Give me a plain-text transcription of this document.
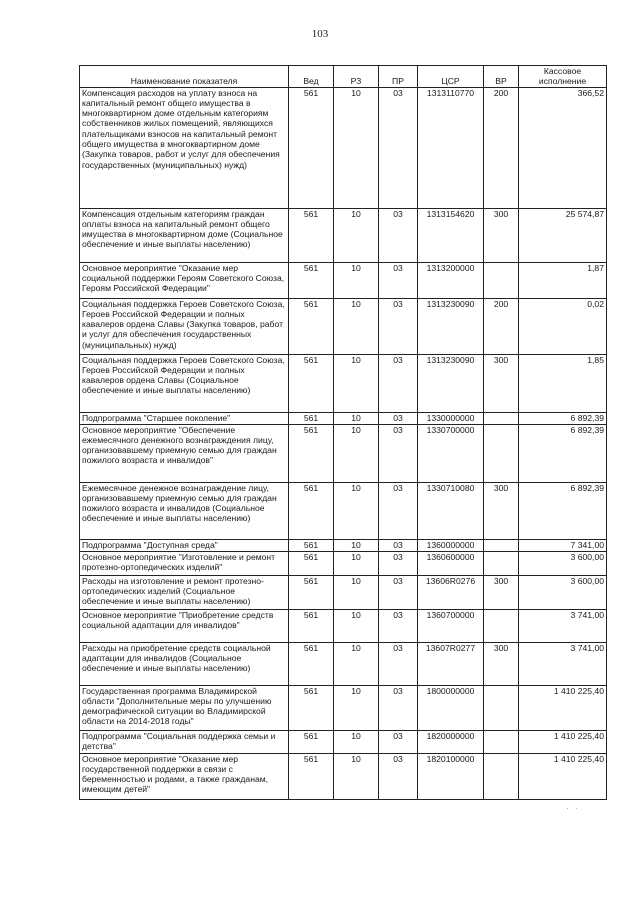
103
Наименование показателя	Вед	РЗ	ПР	ЦСР	ВР	Кассовое исполнение
Компенсация расходов на уплату взноса на капитальный ремонт общего имущества в многоквартирном доме отдельным категориям собственников жилых помещений, являющихся плательщиками взносов на капитальный ремонт общего имущества в многоквартирном доме (Закупка товаров, работ и услуг для обеспечения государственных (муниципальных) нужд)	561	10	03	1313110770	200	366,52
Компенсация отдельным категориям граждан оплаты взноса на капитальный ремонт общего имущества в многоквартирном доме (Социальное обеспечение и иные выплаты населению)	561	10	03	1313154620	300	25 574,87
Основное мероприятие "Оказание мер социальной поддержки Героям Советского Союза, Героям Российской Федерации"	561	10	03	1313200000		1,87
Социальная поддержка Героев Советского Союза, Героев Российской Федерации и полных кавалеров ордена Славы (Закупка товаров, работ и услуг для обеспечения государственных (муниципальных) нужд)	561	10	03	1313230090	200	0,02
Социальная поддержка Героев Советского Союза, Героев Российской Федерации и полных кавалеров ордена Славы (Социальное обеспечение и иные выплаты населению)	561	10	03	1313230090	300	1,85
Подпрограмма "Старшее поколение"	561	10	03	1330000000		6 892,39
Основное мероприятие "Обеспечение ежемесячного денежного вознаграждения лицу, организовавшему приемную семью для граждан пожилого возраста и инвалидов"	561	10	03	1330700000		6 892,39
Ежемесячное денежное вознаграждение лицу, организовавшему приемную семью для граждан пожилого возраста и инвалидов (Социальное обеспечение и иные выплаты населению)	561	10	03	1330710080	300	6 892,39
Подпрограмма "Доступная среда"	561	10	03	1360000000		7 341,00
Основное мероприятие "Изготовление и ремонт протезно-ортопедических изделий"	561	10	03	1360600000		3 600,00
Расходы на изготовление и ремонт протезно-ортопедических изделий (Социальное обеспечение и иные выплаты населению)	561	10	03	13606R0276	300	3 600,00
Основное мероприятие "Приобретение средств социальной адаптации для инвалидов"	561	10	03	1360700000		3 741,00
Расходы на приобретение средств социальной адаптации для инвалидов (Социальное обеспечение и иные выплаты населению)	561	10	03	13607R0277	300	3 741,00
Государственная программа Владимирской области "Дополнительные меры по улучшению демографической ситуации во Владимирской области на 2014-2018 годы"	561	10	03	1800000000		1 410 225,40
Подпрограмма "Социальная поддержка семьи и детства"	561	10	03	1820000000		1 410 225,40
Основное мероприятие "Оказание мер государственной поддержки в связи с беременностью и родами, а также гражданам, имеющим детей"	561	10	03	1820100000		1 410 225,40
· ·
